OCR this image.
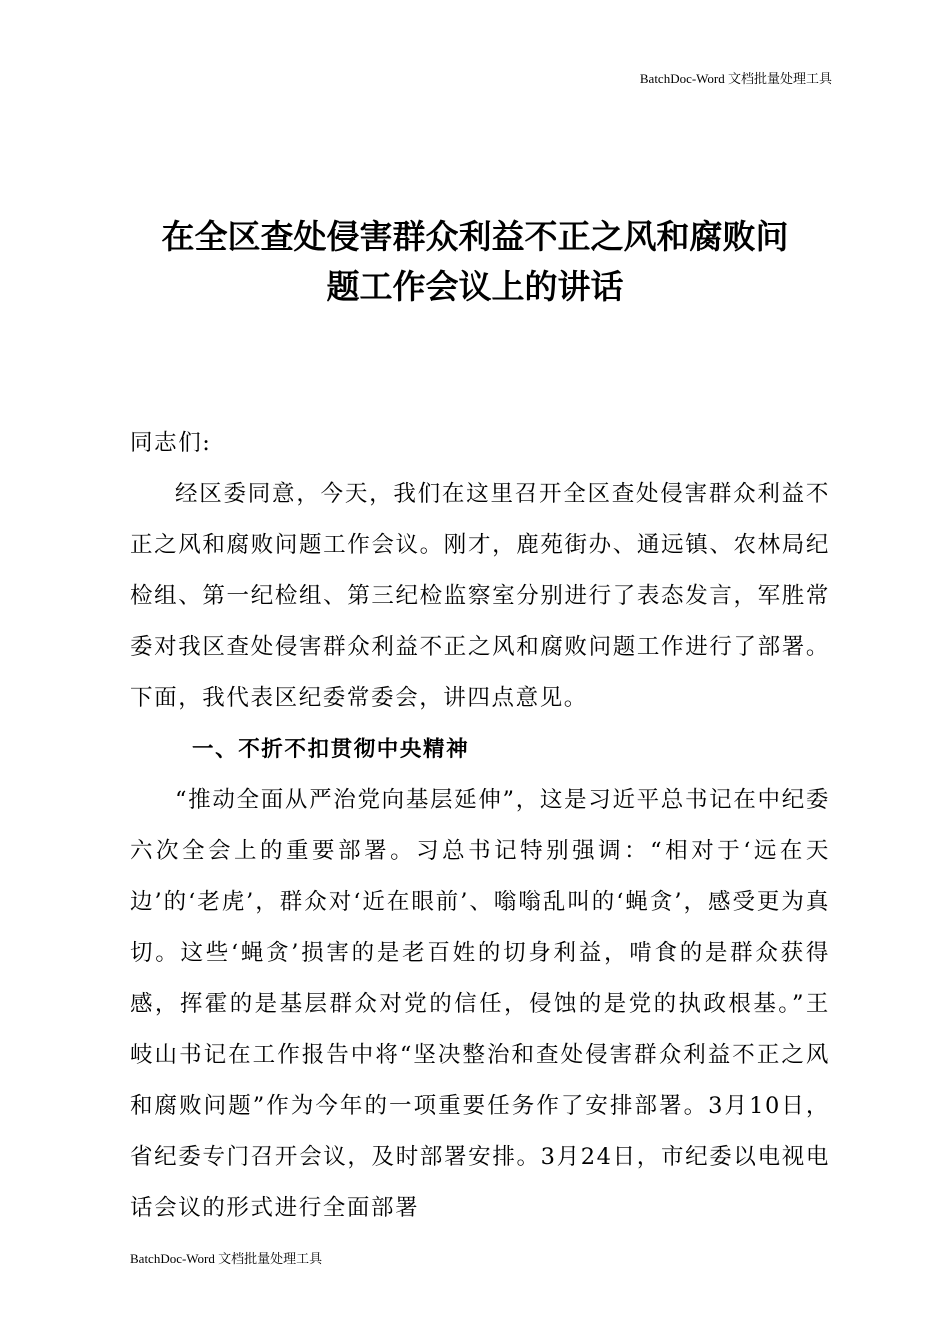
BatchDoc-Word 文档批量处理工具
在全区查处侵害群众利益不正之风和腐败问
题工作会议上的讲话

同志们:

经区委同意，今天，我们在这里召开全区查处侵害群众利益不正之风和腐败问题工作会议。刚才，鹿苑街办、通远镇、农林局纪检组、第一纪检组、第三纪检监察室分别进行了表态发言，军胜常委对我区查处侵害群众利益不正之风和腐败问题工作进行了部署。下面，我代表区纪委常委会，讲四点意见。

一、不折不扣贯彻中央精神

“推动全面从严治党向基层延伸”，这是习近平总书记在中纪委六次全会上的重要部署。习总书记特别强调：“相对于‘远在天边’的‘老虎’，群众对‘近在眼前’、嗡嗡乱叫的‘蝇贪’，感受更为真切。这些‘蝇贪’损害的是老百姓的切身利益，啃食的是群众获得感，挥霍的是基层群众对党的信任，侵蚀的是党的执政根基。”王岐山书记在工作报告中将“坚决整治和查处侵害群众利益不正之风和腐败问题”作为今年的一项重要任务作了安排部署。3月10日，省纪委专门召开会议，及时部署安排。3月24日，市纪委以电视电话会议的形式进行全面部署

BatchDoc-Word 文档批量处理工具
